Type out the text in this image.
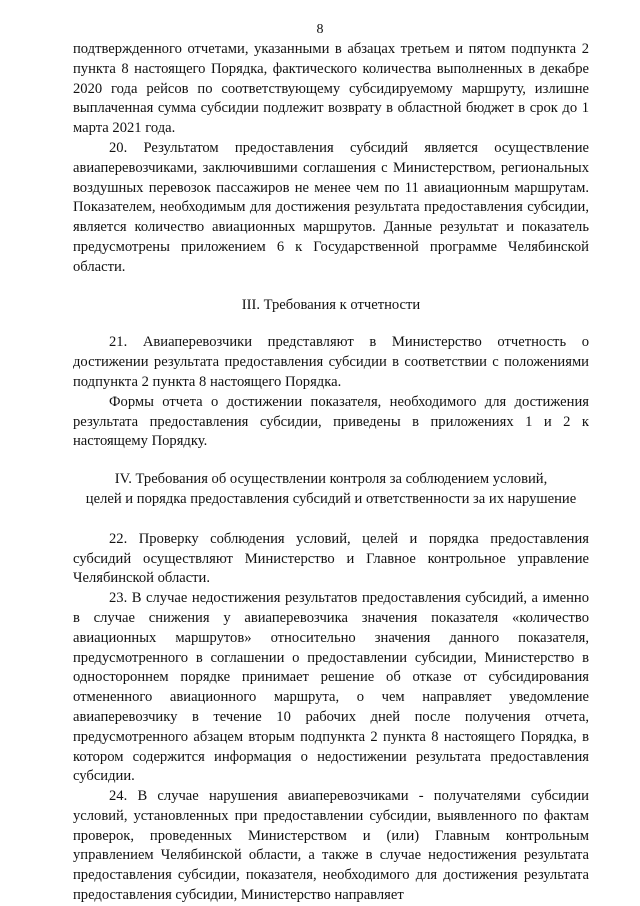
8

подтвержденного отчетами, указанными в абзацах третьем и пятом подпункта 2 пункта 8 настоящего Порядка, фактического количества выполненных в декабре 2020 года рейсов по соответствующему субсидируемому маршруту, излишне выплаченная сумма субсидии подлежит возврату в областной бюджет в срок до 1 марта 2021 года.

20. Результатом предоставления субсидий является осуществление авиаперевозчиками, заключившими соглашения с Министерством, региональных воздушных перевозок пассажиров не менее чем по 11 авиационным маршрутам. Показателем, необходимым для достижения результата предоставления субсидии, является количество авиационных маршрутов. Данные результат и показатель предусмотрены приложением 6 к Государственной программе Челябинской области.

III. Требования к отчетности

21. Авиаперевозчики представляют в Министерство отчетность о достижении результата предоставления субсидии в соответствии с положениями подпункта 2 пункта 8 настоящего Порядка.

Формы отчета о достижении показателя, необходимого для достижения результата предоставления субсидии, приведены в приложениях 1 и 2 к настоящему Порядку.

IV. Требования об осуществлении контроля за соблюдением условий,
целей и порядка предоставления субсидий и ответственности за их нарушение

22. Проверку соблюдения условий, целей и порядка предоставления субсидий осуществляют Министерство и Главное контрольное управление Челябинской области.

23. В случае недостижения результатов предоставления субсидий, а именно в случае снижения у авиаперевозчика значения показателя «количество авиационных маршрутов» относительно значения данного показателя, предусмотренного в соглашении о предоставлении субсидии, Министерство в одностороннем порядке принимает решение об отказе от субсидирования отмененного авиационного маршрута, о чем направляет уведомление авиаперевозчику в течение 10 рабочих дней после получения отчета, предусмотренного абзацем вторым подпункта 2 пункта 8 настоящего Порядка, в котором содержится информация о недостижении результата предоставления субсидии.

24. В случае нарушения авиаперевозчиками - получателями субсидии условий, установленных при предоставлении субсидии, выявленного по фактам проверок, проведенных Министерством и (или) Главным контрольным управлением Челябинской области, а также в случае недостижения результата предоставления субсидии, показателя, необходимого для достижения результата предоставления субсидии, Министерство направляет
